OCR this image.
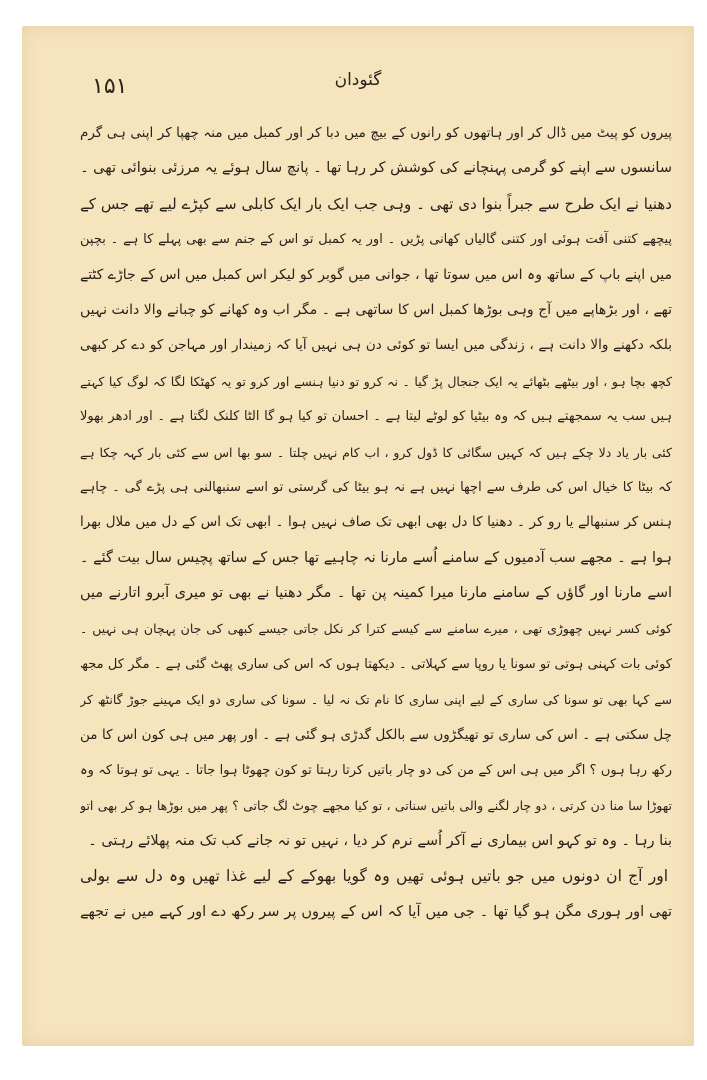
۱۵۱	گئودان
پیروں کو پیٹ میں ڈال کر اور ہاتھوں کو رانوں کے بیچ میں دبا کر اور کمبل میں منہ چھپا کر اپنی ہی گرم
سانسوں سے اپنے کو گرمی پہنچانے کی کوشش کر رہا تھا ۔ پانچ سال ہوئے یہ مرزئی بنوائی تھی ۔
دھنیا نے ایک طرح سے جبراً بنوا دی تھی ۔ وہی جب ایک بار ایک کابلی سے کپڑے لیے تھے جس کے
پیچھے کتنی آفت ہوئی اور کتنی گالیاں کھانی پڑیں ۔ اور یہ کمبل تو اس کے جنم سے بھی پہلے کا ہے ۔ بچپن
میں اپنے باپ کے ساتھ وہ اس میں سوتا تھا ، جوانی میں گوبر کو لیکر اس کمبل میں اس کے جاڑے کٹتے
تھے ، اور بڑھاپے میں آج وہی بوڑھا کمبل اس کا ساتھی ہے ۔ مگر اب وہ کھانے کو چبانے والا دانت نہیں
بلکہ دکھنے والا دانت ہے ، زندگی میں ایسا تو کوئی دن ہی نہیں آیا کہ زمیندار اور مہاجن کو دے کر کبھی
کچھ بچا ہو ، اور بیٹھے بٹھائے یہ ایک جنجال پڑ گیا ۔ نہ کرو تو دنیا ہنسے اور کرو تو یہ کھٹکا لگا کہ لوگ کیا کہتے
ہیں سب یہ سمجھتے ہیں کہ وہ بیٹیا کو لوٹے لیتا ہے ۔ احسان تو کیا ہو گا الٹا کلنک لگتا ہے ۔ اور ادھر بھولا
کئی بار یاد دلا چکے ہیں کہ کہیں سگائی کا ڈول کرو ، اب کام نہیں چلتا ۔ سو بھا اس سے کئی بار کہہ چکا ہے
کہ بیٹا کا خیال اس کی طرف سے اچھا نہیں ہے نہ ہو بیٹا کی گرستی تو اسے سنبھالنی ہی پڑے گی ۔ چاہے
ہنس کر سنبھالے یا رو کر ۔ دھنیا کا دل بھی ابھی تک صاف نہیں ہوا ۔ ابھی تک اس کے دل میں ملال بھرا
ہوا ہے ۔ مجھے سب آدمیوں کے سامنے اُسے مارنا نہ چاہیے تھا جس کے ساتھ پچیس سال بیت گئے ۔
اسے مارنا اور گاؤں کے سامنے مارنا میرا کمینہ پن تھا ۔ مگر دھنیا نے بھی تو میری آبرو اتارنے میں
کوئی کسر نہیں چھوڑی تھی ، میرے سامنے سے کیسے کترا کر نکل جاتی جیسے کبھی کی جان پہچان ہی نہیں ۔
کوئی بات کہنی ہوتی تو سونا یا روپا سے کہلاتی ۔ دیکھتا ہوں کہ اس کی ساری پھٹ گئی ہے ۔ مگر کل مجھ
سے کہا بھی تو سونا کی ساری کے لیے اپنی ساری کا نام تک نہ لیا ۔ سونا کی ساری دو ایک مہینے جوڑ گانٹھ کر
چل سکتی ہے ۔ اس کی ساری تو تھیگڑوں سے بالکل گدڑی ہو گئی ہے ۔ اور پھر میں ہی کون اس کا من
رکھ رہا ہوں ؟ اگر میں ہی اس کے من کی دو چار باتیں کرتا رہتا تو کون چھوٹا ہوا جاتا ۔ یہی تو ہوتا کہ وہ
تھوڑا سا منا دن کرتی ، دو چار لگنے والی باتیں سناتی ، تو کیا مجھے چوٹ لگ جاتی ؟ پھر میں بوڑھا ہو کر بھی اتو
بنا رہا ۔ وہ تو کہو اس بیماری نے آکر اُسے نرم کر دیا ، نہیں تو نہ جانے کب تک منہ پھلائے رہتی ۔
اور آج ان دونوں میں جو باتیں ہوئی تھیں وہ گویا بھوکے کے لیے غذا تھیں وہ دل سے بولی
تھی اور ہوری مگن ہو گیا تھا ۔ جی میں آیا کہ اس کے پیروں پر سر رکھ دے اور کہے میں نے تجھے
